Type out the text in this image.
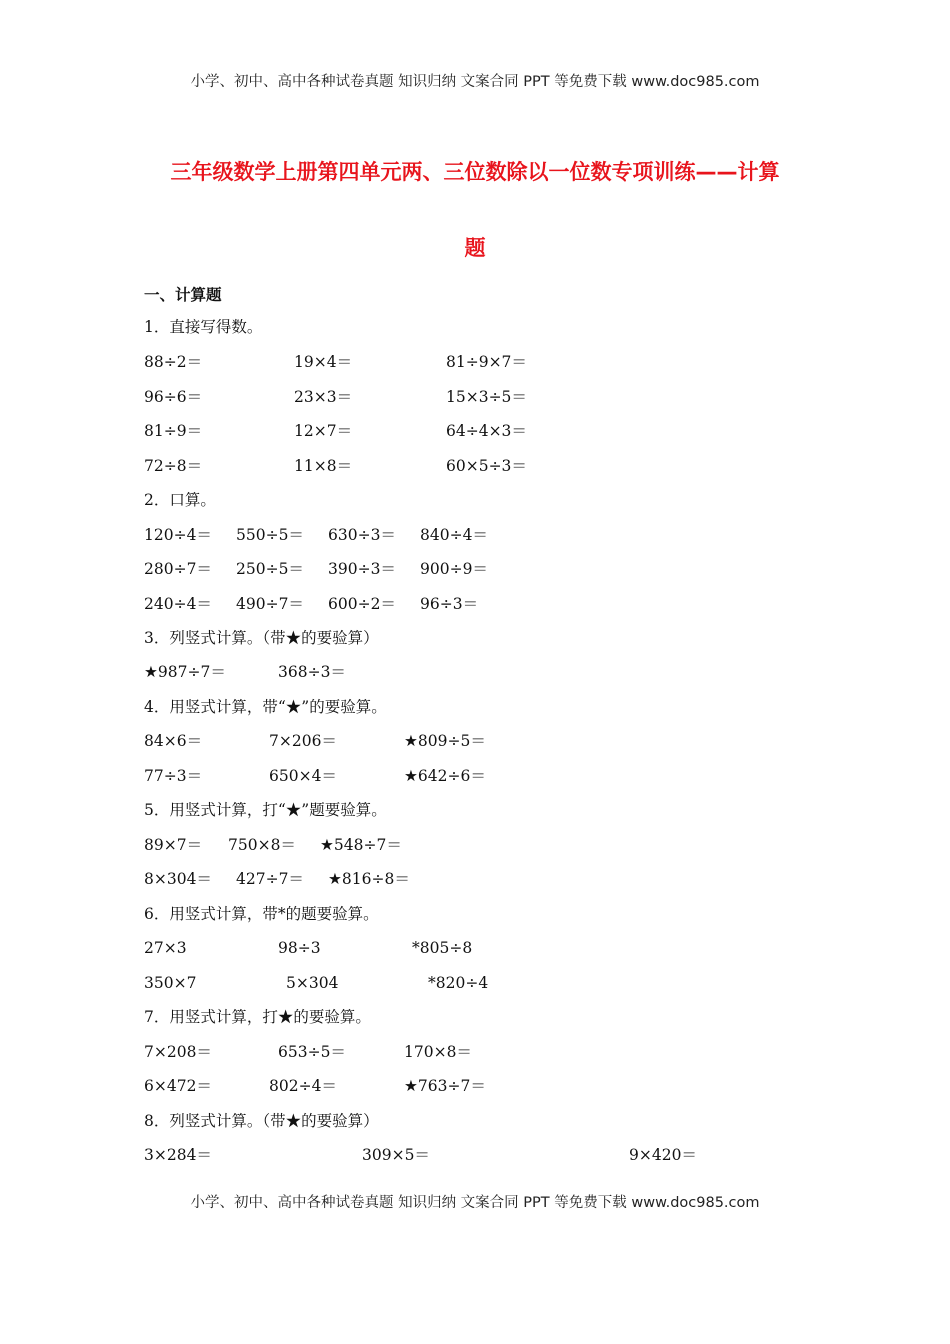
小学、初中、高中各种试卷真题 知识归纳 文案合同 PPT 等免费下载 www.doc985.com
三年级数学上册第四单元两、三位数除以一位数专项训练——计算
题
一、计算题
1．直接写得数。
88÷2＝	19×4＝	81÷9×7＝
96÷6＝	23×3＝	15×3÷5＝
81÷9＝	12×7＝	64÷4×3＝
72÷8＝	11×8＝	60×5÷3＝
2．口算。
120÷4＝ 550÷5＝ 630÷3＝ 840÷4＝
280÷7＝ 250÷5＝ 390÷3＝ 900÷9＝
240÷4＝ 490÷7＝ 600÷2＝ 96÷3＝
3．列竖式计算。（带★的要验算）
★987÷7＝	368÷3＝
4．用竖式计算，带“★”的要验算。
84×6＝	7×206＝	★809÷5＝
77÷3＝	650×4＝	★642÷6＝
5．用竖式计算，打“★”题要验算。
89×7＝ 750×8＝ ★548÷7＝
8×304＝ 427÷7＝ ★816÷8＝
6．用竖式计算，带*的题要验算。
27×3	98÷3	*805÷8
350×7	5×304	*820÷4
7．用竖式计算，打★的要验算。
7×208＝	653÷5＝	170×8＝
6×472＝	802÷4＝	★763÷7＝
8．列竖式计算。（带★的要验算）
3×284＝	309×5＝	9×420＝
小学、初中、高中各种试卷真题 知识归纳 文案合同 PPT 等免费下载 www.doc985.com
